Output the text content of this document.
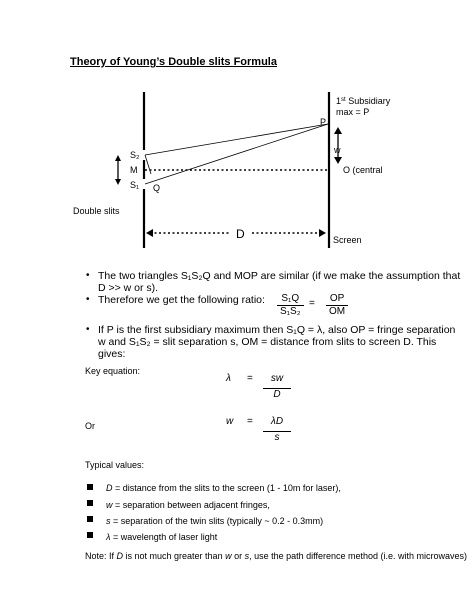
Theory of Young’s Double slits Formula
1st Subsidiary
max = P
P
w
O (central
S₂
M
S₁ Q
Double slits
D	Screen
• The two triangles S₁S₂Q and MOP are similar (if we make the assumption that
D >> w or s).
• Therefore we get the following ratio: $\frac{\text{S₁Q}}{\text{S₁S₂}} = \frac{OP}{OM}$
• If P is the first subsidiary maximum then S₁Q = λ, also OP = fringe separation
w and S₁S₂ = slit separation s, OM = distance from slits to screen D. This
gives:
Key equation:
$\lambda = \frac{sw}{D}$
Or	$w = \frac{\lambda D}{s}$
Typical values:
D = distance from the slits to the screen (1 - 10m for laser),
w = separation between adjacent fringes,
s = separation of the twin slits (typically ~ 0.2 - 0.3mm)
λ = wavelength of laser light
Note: If D is not much greater than w or s, use the path difference method (i.e. with microwaves)
